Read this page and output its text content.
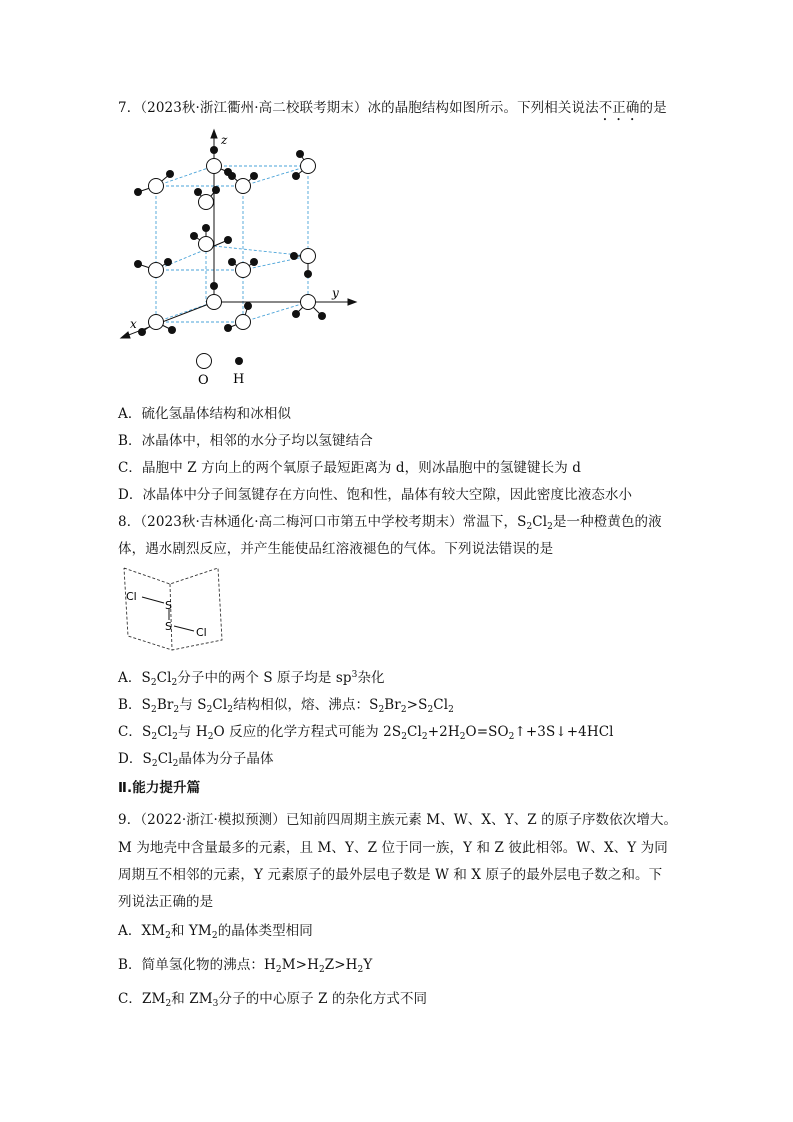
7．（2023秋·浙江衢州·高二校联考期末）冰的晶胞结构如图所示。下列相关说法不正确的是
z
y
x
O H
A．硫化氢晶体结构和冰相似
B．冰晶体中，相邻的水分子均以氢键结合
C．晶胞中 Z 方向上的两个氧原子最短距离为 d，则冰晶胞中的氢键键长为 d
D．冰晶体中分子间氢键存在方向性、饱和性，晶体有较大空隙，因此密度比液态水小
8．（2023秋·吉林通化·高二梅河口市第五中学校考期末）常温下，$S_2Cl_2$是一种橙黄色的液
体，遇水剧烈反应，并产生能使品红溶液褪色的气体。下列说法错误的是
Cl
S
S Cl
A．$S_2Cl_2$分子中的两个 S 原子均是 $sp^3$杂化
B．$S_2Br_2$与 $S_2Cl_2$结构相似，熔、沸点：$S_2Br_2>S_2Cl_2$
C．$S_2Cl_2$与 $H_2O$ 反应的化学方程式可能为 $2S_2Cl_2+2H_2O=SO_2↑+3S↓+4HCl$
D．$S_2Cl_2$晶体为分子晶体
Ⅱ.能力提升篇
9．（2022·浙江·模拟预测）已知前四周期主族元素 M、W、X、Y、Z 的原子序数依次增大。
M 为地壳中含量最多的元素，且 M、Y、Z 位于同一族，Y 和 Z 彼此相邻。W、X、Y 为同
周期互不相邻的元素，Y 元素原子的最外层电子数是 W 和 X 原子的最外层电子数之和。下
列说法正确的是
A．$XM_2$和 $YM_2$的晶体类型相同
B．简单氢化物的沸点：$H_2M>H_2Z>H_2Y$
C．$ZM_2$和 $ZM_3$分子的中心原子 Z 的杂化方式不同
